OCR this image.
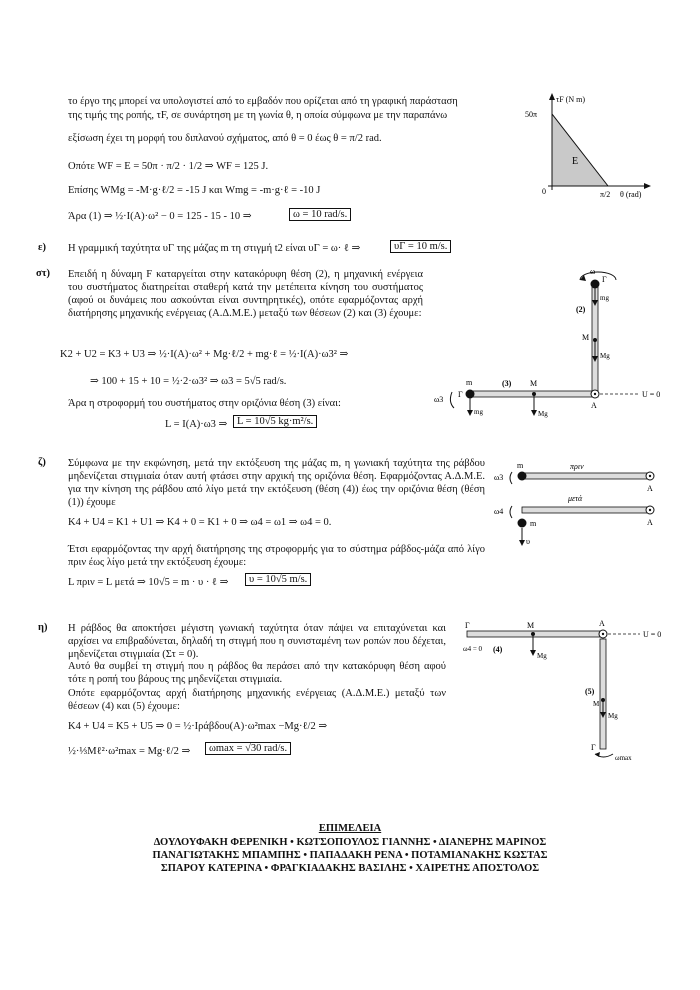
το έργο της μπορεί να υπολογιστεί από το εμβαδόν που ορίζεται από τη γραφική παράσταση
της τιμής της ροπής, τF, σε συνάρτηση με τη γωνία θ, η οποία σύμφωνα με την παραπάνω
εξίσωση έχει τη μορφή του διπλανού σχήματος, από θ = 0 έως θ = π/2 rad.
Οπότε WF = E = 50π · π/2 · 1/2 ⇒ WF = 125 J.
Επίσης WMg = -M·g·ℓ/2 = -15 J και Wmg = -m·g·ℓ = -10 J
Άρα (1) ⇒ ½·I(A)·ω² − 0 = 125 - 15 - 10 ⇒	ω = 10 rad/s.
τF (N m)
50π
π/2 θ (rad)
0
E
ε) Η γραμμική ταχύτητα υΓ της μάζας m τη στιγμή t2 είναι υΓ = ω· ℓ ⇒	υΓ = 10 m/s.
στ) Επειδή η δύναμη F καταργείται στην κατακόρυφη θέση (2), η μηχανική ενέργεια του συστήματος διατηρείται σταθερή κατά την μετέπειτα κίνηση του συστήματος (αφού οι δυνάμεις που ασκούνται είναι συντηρητικές), οπότε εφαρμόζοντας αρχή διατήρησης μηχανικής ενέργειας (Α.Δ.Μ.Ε.) μεταξύ των θέσεων (2) και (3) έχουμε:
K2 + U2 = K3 + U3 ⇒ ½·I(A)·ω² + Mg·ℓ/2 + mg·ℓ = ½·I(A)·ω3² ⇒
⇒ 100 + 15 + 10 = ½·2·ω3² ⇒ ω3 = 5√5 rad/s.
Άρα η στροφορμή του συστήματος στην οριζόνια θέση (3) είναι:
L = I(A)·ω3 ⇒ L = 10√5 kg·m²/s.
ω
Γ
mg
(2)
M
Mg
m
Γ
(3) M
Mg
mg
ω3
A
U = 0
ζ) Σύμφωνα με την εκφώνηση, μετά την εκτόξευση της μάζας m, η γωνιακή ταχύτητα της ράβδου μηδενίζεται στιγμιαία όταν αυτή φτάσει στην αρχική της οριζόνια θέση. Εφαρμόζοντας Α.Δ.Μ.Ε. για την κίνηση της ράβδου από λίγο μετά την εκτόξευση (θέση (4)) έως την οριζόνια θέση (θέση (1)) έχουμε
K4 + U4 = K1 + U1 ⇒ K4 + 0 = K1 + 0 ⇒ ω4 = ω1 ⇒ ω4 = 0.
Έτσι εφαρμόζοντας την αρχή διατήρησης της στροφορμής για το σύστημα ράβδος-μάζα από λίγο πριν έως λίγο μετά την εκτόξευση έχουμε:
L πριν = L μετά ⇒ 10√5 = m · υ · ℓ ⇒	υ = 10√5 m/s.
m	πριν
ω3
A
μετά
ω4
A
m
υ
η) Η ράβδος θα αποκτήσει μέγιστη γωνιακή ταχύτητα όταν πάψει να επιταχύνεται και αρχίσει να επιβραδύνεται, δηλαδή τη στιγμή που η συνισταμένη των ροπών που δέχεται, μηδενίζεται στιγμιαία (Στ = 0).
Αυτό θα συμβεί τη στιγμή που η ράβδος θα περάσει από την κατακόρυφη θέση αφού τότε η ροπή του βάρους της μηδενίζεται στιγμιαία.
Οπότε εφαρμόζοντας αρχή διατήρησης μηχανικής ενέργειας (Α.Δ.Μ.Ε.) μεταξύ των θέσεων (4) και (5) έχουμε:
K4 + U4 = K5 + U5 ⇒ 0 = ½·Iράβδου(Α)·ω²max −Mg·ℓ/2 ⇒
½·⅓Mℓ²·ω²max = Mg·ℓ/2 ⇒	ωmax = √30 rad/s.
Γ	M
Mg
ω4 = 0 (4)
A
U = 0
(5)
M
Mg
Γ
ωmax
ΕΠΙΜΕΛΕΙΑ
ΔΟΥΛΟΥΦΑΚΗ ΦΕΡΕΝΙΚΗ • ΚΩΤΣΟΠΟΥΛΟΣ ΓΙΑΝΝΗΣ • ΔΙΑΝΕΡΗΣ ΜΑΡΙΝΟΣ
ΠΑΝΑΓΙΩΤΑΚΗΣ ΜΠΑΜΠΗΣ • ΠΑΠΑΔΑΚΗ ΡΕΝΑ • ΠΟΤΑΜΙΑΝΑΚΗΣ ΚΩΣΤΑΣ
ΣΠΑΡΟΥ ΚΑΤΕΡΙΝΑ • ΦΡΑΓΚΙΑΔΑΚΗΣ ΒΑΣΙΛΗΣ • ΧΑΙΡΕΤΗΣ ΑΠΟΣΤΟΛΟΣ
